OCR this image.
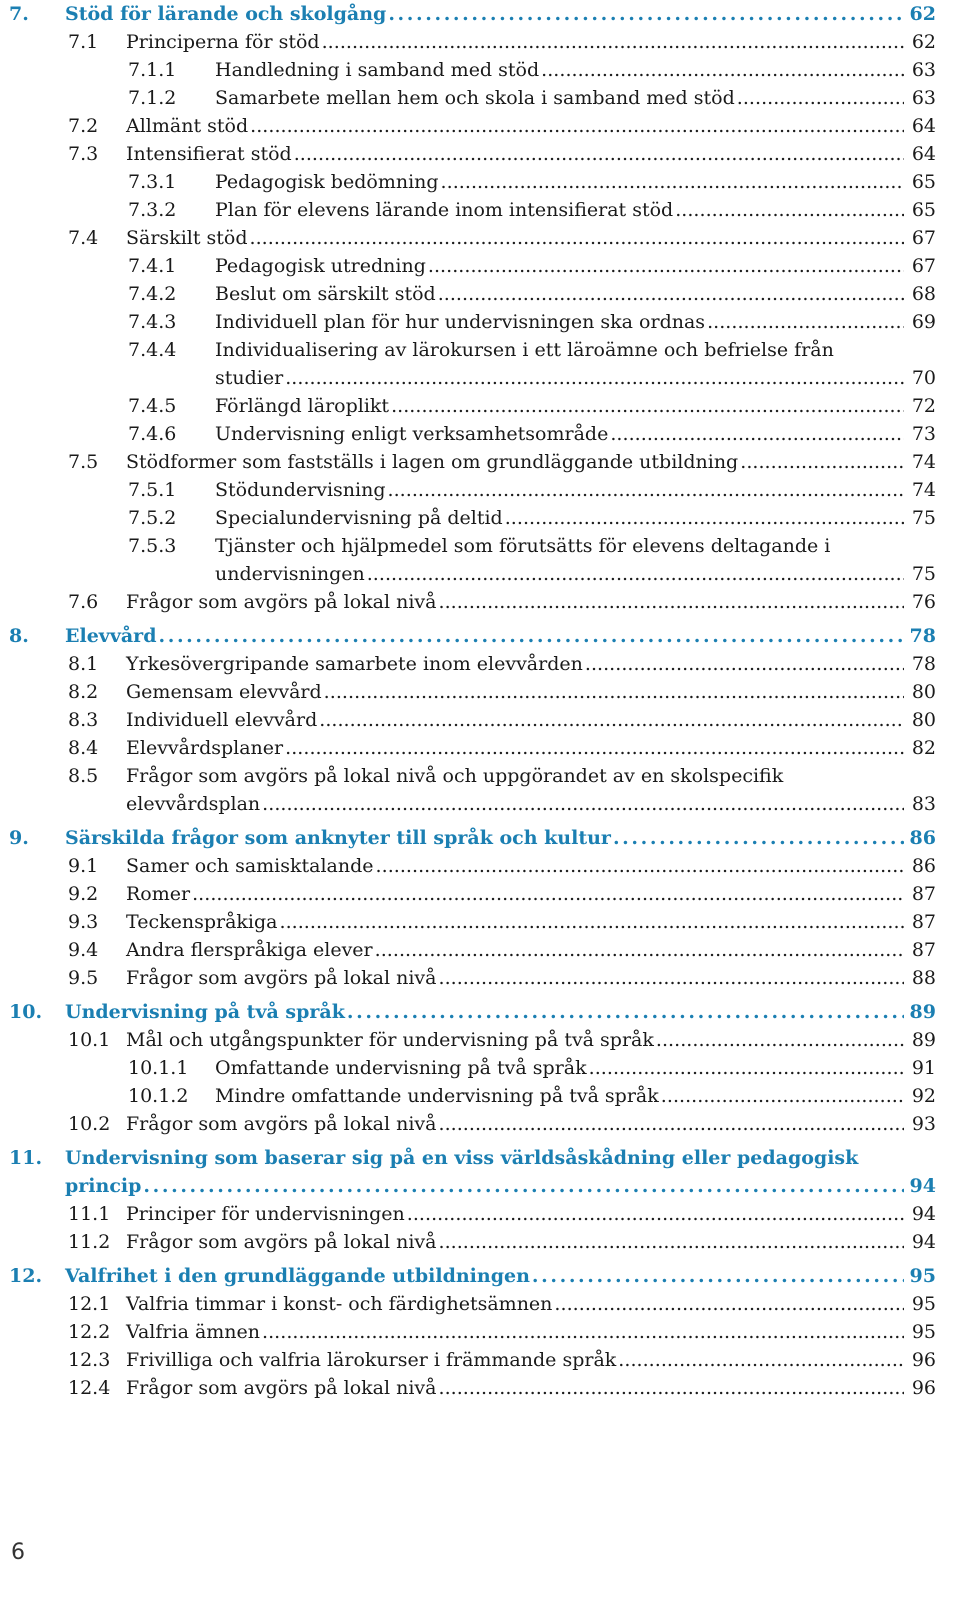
7. Stöd för lärande och skolgång . . .	62
7.1 Principerna för stöd . . .	62
7.1.1 Handledning i samband med stöd . . .	63
7.1.2 Samarbete mellan hem och skola i samband med stöd . . .	63
7.2 Allmänt stöd . . .	64
7.3 Intensifierat stöd . . .	64
7.3.1 Pedagogisk bedömning . . .	65
7.3.2 Plan för elevens lärande inom intensifierat stöd . . .	65
7.4 Särskilt stöd . . .	67
7.4.1 Pedagogisk utredning . . .	67
7.4.2 Beslut om särskilt stöd . . .	68
7.4.3 Individuell plan för hur undervisningen ska ordnas . . .	69
7.4.4 Individualisering av lärokursen i ett läroämne och befrielse från
studier . . .	70
7.4.5 Förlängd läroplikt . . .	72
7.4.6 Undervisning enligt verksamhetsområde . . .	73
7.5 Stödformer som fastställs i lagen om grundläggande utbildning . . .	74
7.5.1 Stödundervisning . . .	74
7.5.2 Specialundervisning på deltid . . .	75
7.5.3 Tjänster och hjälpmedel som förutsätts för elevens deltagande i
undervisningen . . .	75
7.6 Frågor som avgörs på lokal nivå . . .	76
8. Elevvård . . .	78
8.1 Yrkesövergripande samarbete inom elevvården . . .	78
8.2 Gemensam elevvård . . .	80
8.3 Individuell elevvård . . .	80
8.4 Elevvårdsplaner . . .	82
8.5 Frågor som avgörs på lokal nivå och uppgörandet av en skolspecifik
elevvårdsplan . . .	83
9. Särskilda frågor som anknyter till språk och kultur . . .	86
9.1 Samer och samisktalande . . .	86
9.2 Romer . . .	87
9.3 Teckenspråkiga . . .	87
9.4 Andra flerspråkiga elever . . .	87
9.5 Frågor som avgörs på lokal nivå . . .	88
10. Undervisning på två språk . . .	89
10.1 Mål och utgångspunkter för undervisning på två språk . . .	89
10.1.1 Omfattande undervisning på två språk . . .	91
10.1.2 Mindre omfattande undervisning på två språk . . .	92
10.2 Frågor som avgörs på lokal nivå . . .	93
11. Undervisning som baserar sig på en viss världsåskådning eller pedagogisk
princip . . .	94
11.1 Principer för undervisningen . . .	94
11.2 Frågor som avgörs på lokal nivå . . .	94
12. Valfrihet i den grundläggande utbildningen . . .	95
12.1 Valfria timmar i konst- och färdighetsämnen . . .	95
12.2 Valfria ämnen . . .	95
12.3 Frivilliga och valfria lärokurser i främmande språk . . .	96
12.4 Frågor som avgörs på lokal nivå . . .	96
6
